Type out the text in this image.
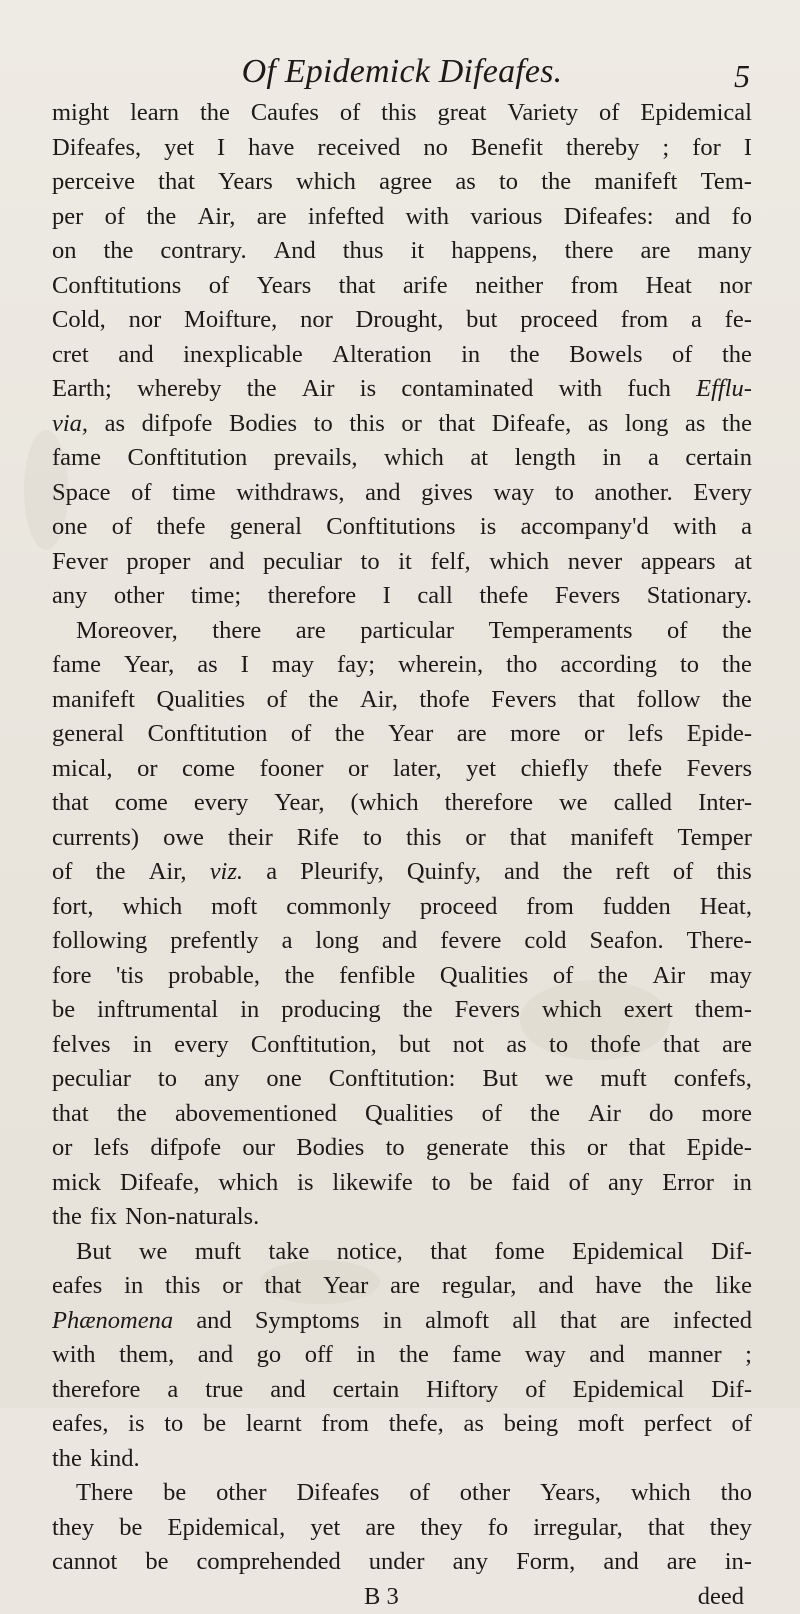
Of Epidemick Difeafes.	5
might learn the Caufes of this great Variety of Epidemical
Difeafes, yet I have received no Benefit thereby ; for I
perceive that Years which agree as to the manifeft Tem-
per of the Air, are infefted with various Difeafes: and fo
on the contrary. And thus it happens, there are many
Conftitutions of Years that arife neither from Heat nor
Cold, nor Moifture, nor Drought, but proceed from a fe-
cret and inexplicable Alteration in the Bowels of the
Earth; whereby the Air is contaminated with fuch Efflu-
via, as difpofe Bodies to this or that Difeafe, as long as the
fame Conftitution prevails, which at length in a certain
Space of time withdraws, and gives way to another. Every
one of thefe general Conftitutions is accompany'd with a
Fever proper and peculiar to it felf, which never appears at
any other time; therefore I call thefe Fevers Stationary.
Moreover, there are particular Temperaments of the
fame Year, as I may fay; wherein, tho according to the
manifeft Qualities of the Air, thofe Fevers that follow the
general Conftitution of the Year are more or lefs Epide-
mical, or come fooner or later, yet chiefly thefe Fevers
that come every Year, (which therefore we called Inter-
currents) owe their Rife to this or that manifeft Temper
of the Air, viz. a Pleurify, Quinfy, and the reft of this
fort, which moft commonly proceed from fudden Heat,
following prefently a long and fevere cold Seafon. There-
fore 'tis probable, the fenfible Qualities of the Air may
be inftrumental in producing the Fevers which exert them-
felves in every Conftitution, but not as to thofe that are
peculiar to any one Conftitution: But we muft confefs,
that the abovementioned Qualities of the Air do more
or lefs difpofe our Bodies to generate this or that Epide-
mick Difeafe, which is likewife to be faid of any Error in
the fix Non-naturals.
But we muft take notice, that fome Epidemical Dif-
eafes in this or that Year are regular, and have the like
Phænomena and Symptoms in almoft all that are infected
with them, and go off in the fame way and manner ;
therefore a true and certain Hiftory of Epidemical Dif-
eafes, is to be learnt from thefe, as being moft perfect of
the kind.
There be other Difeafes of other Years, which tho
they be Epidemical, yet are they fo irregular, that they
cannot be comprehended under any Form, and are in-
B 3	deed
